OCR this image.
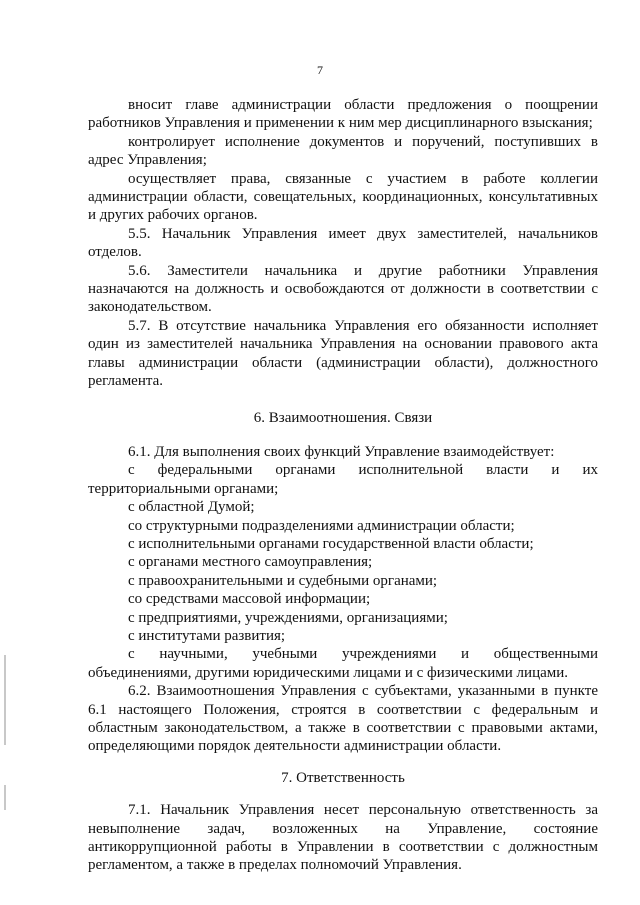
7

вносит главе администрации области предложения о поощрении работников Управления и применении к ним мер дисциплинарного взыскания;

контролирует исполнение документов и поручений, поступивших в адрес Управления;

осуществляет права, связанные с участием в работе коллегии администрации области, совещательных, координационных, консультативных и других рабочих органов.

5.5. Начальник Управления имеет двух заместителей, начальников отделов.

5.6. Заместители начальника и другие работники Управления назначаются на должность и освобождаются от должности в соответствии с законодательством.

5.7. В отсутствие начальника Управления его обязанности исполняет один из заместителей начальника Управления на основании правового акта главы администрации области (администрации области), должностного регламента.

6. Взаимоотношения. Связи

6.1. Для выполнения своих функций Управление взаимодействует:

с федеральными органами исполнительной власти и их территориальными органами;

с областной Думой;

со структурными подразделениями администрации области;

с исполнительными органами государственной власти области;

с органами местного самоуправления;

с правоохранительными и судебными органами;

со средствами массовой информации;

с предприятиями, учреждениями, организациями;

с институтами развития;

с научными, учебными учреждениями и общественными объединениями, другими юридическими лицами и с физическими лицами.

6.2. Взаимоотношения Управления с субъектами, указанными в пункте 6.1 настоящего Положения, строятся в соответствии с федеральным и областным законодательством, а также в соответствии с правовыми актами, определяющими порядок деятельности администрации области.

7. Ответственность

7.1. Начальник Управления несет персональную ответственность за невыполнение задач, возложенных на Управление, состояние антикоррупционной работы в Управлении в соответствии с должностным регламентом, а также в пределах полномочий Управления.
